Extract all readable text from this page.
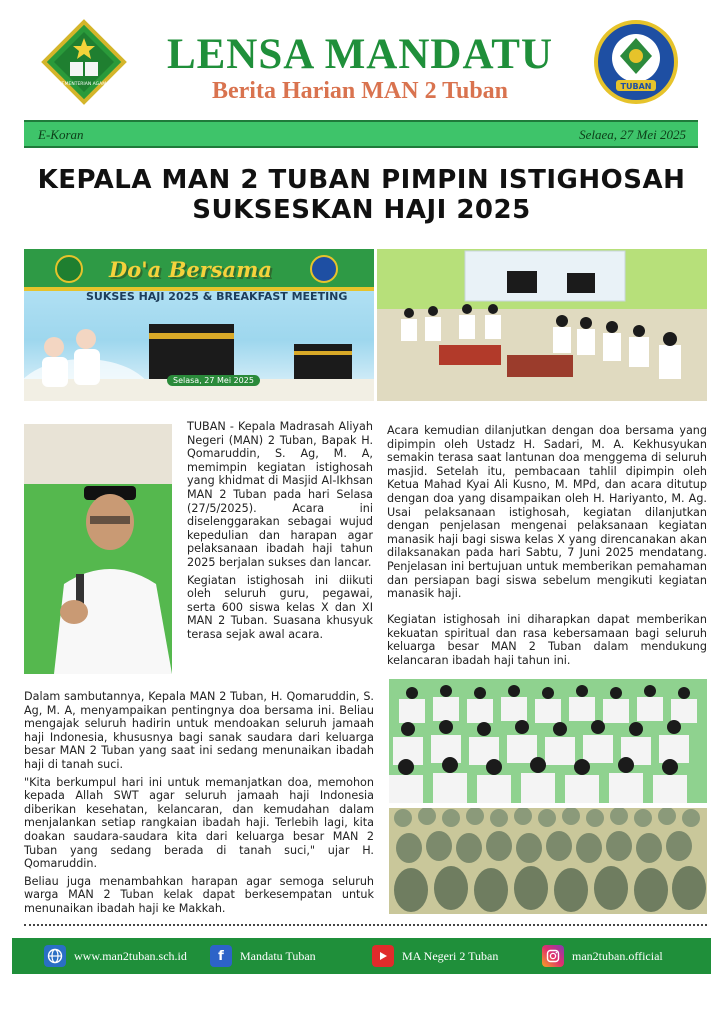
KEMENTERIAN AGAMA
LENSA MANDATU
Berita Harian MAN 2 Tuban	TUBAN
E-Koran	Selaea, 27 Mei 2025
KEPALA MAN 2 TUBAN PIMPIN ISTIGHOSAH
SUKSESKAN HAJI 2025
Do'a Bersama
SUKSES HAJI 2025 & BREAKFAST MEETING
Selasa, 27 Mei 2025

TUBAN - Kepala Madrasah Aliyah Negeri (MAN) 2 Tuban, Bapak H. Qomaruddin, S. Ag, M. A, memimpin kegiatan istighosah yang khidmat di Masjid Al-Ikhsan MAN 2 Tuban pada hari Selasa (27/5/2025). Acara ini diselenggarakan sebagai wujud kepedulian dan harapan agar pelaksanaan ibadah haji tahun 2025 berjalan sukses dan lancar.

Kegiatan istighosah ini diikuti oleh seluruh guru, pegawai, serta 600 siswa kelas X dan XI MAN 2 Tuban. Suasana khusyuk terasa sejak awal acara.

Dalam sambutannya, Kepala MAN 2 Tuban, H. Qomaruddin, S. Ag, M. A, menyampaikan pentingnya doa bersama ini. Beliau mengajak seluruh hadirin untuk mendoakan seluruh jamaah haji Indonesia, khususnya bagi sanak saudara dari keluarga besar MAN 2 Tuban yang saat ini sedang menunaikan ibadah haji di tanah suci.

"Kita berkumpul hari ini untuk memanjatkan doa, memohon kepada Allah SWT agar seluruh jamaah haji Indonesia diberikan kesehatan, kelancaran, dan kemudahan dalam menjalankan setiap rangkaian ibadah haji. Terlebih lagi, kita doakan saudara-saudara kita dari keluarga besar MAN 2 Tuban yang sedang berada di tanah suci," ujar H. Qomaruddin.

Beliau juga menambahkan harapan agar semoga seluruh warga MAN 2 Tuban kelak dapat berkesempatan untuk menunaikan ibadah haji ke Makkah.

Acara kemudian dilanjutkan dengan doa bersama yang dipimpin oleh Ustadz H. Sadari, M. A. Kekhusyukan semakin terasa saat lantunan doa menggema di seluruh masjid. Setelah itu, pembacaan tahlil dipimpin oleh Ketua Mahad Kyai Ali Kusno, M. MPd, dan acara ditutup dengan doa yang disampaikan oleh H. Hariyanto, M. Ag. Usai pelaksanaan istighosah, kegiatan dilanjutkan dengan penjelasan mengenai pelaksanaan kegiatan manasik haji bagi siswa kelas X yang direncanakan akan dilaksanakan pada hari Sabtu, 7 Juni 2025 mendatang. Penjelasan ini bertujuan untuk memberikan pemahaman dan persiapan bagi siswa sebelum mengikuti kegiatan manasik haji.

Kegiatan istighosah ini diharapkan dapat memberikan kekuatan spiritual dan rasa kebersamaan bagi seluruh keluarga besar MAN 2 Tuban dalam mendukung kelancaran ibadah haji tahun ini.

www.man2tuban.sch.id	f	Mandatu Tuban	MA Negeri 2 Tuban	man2tuban.official
